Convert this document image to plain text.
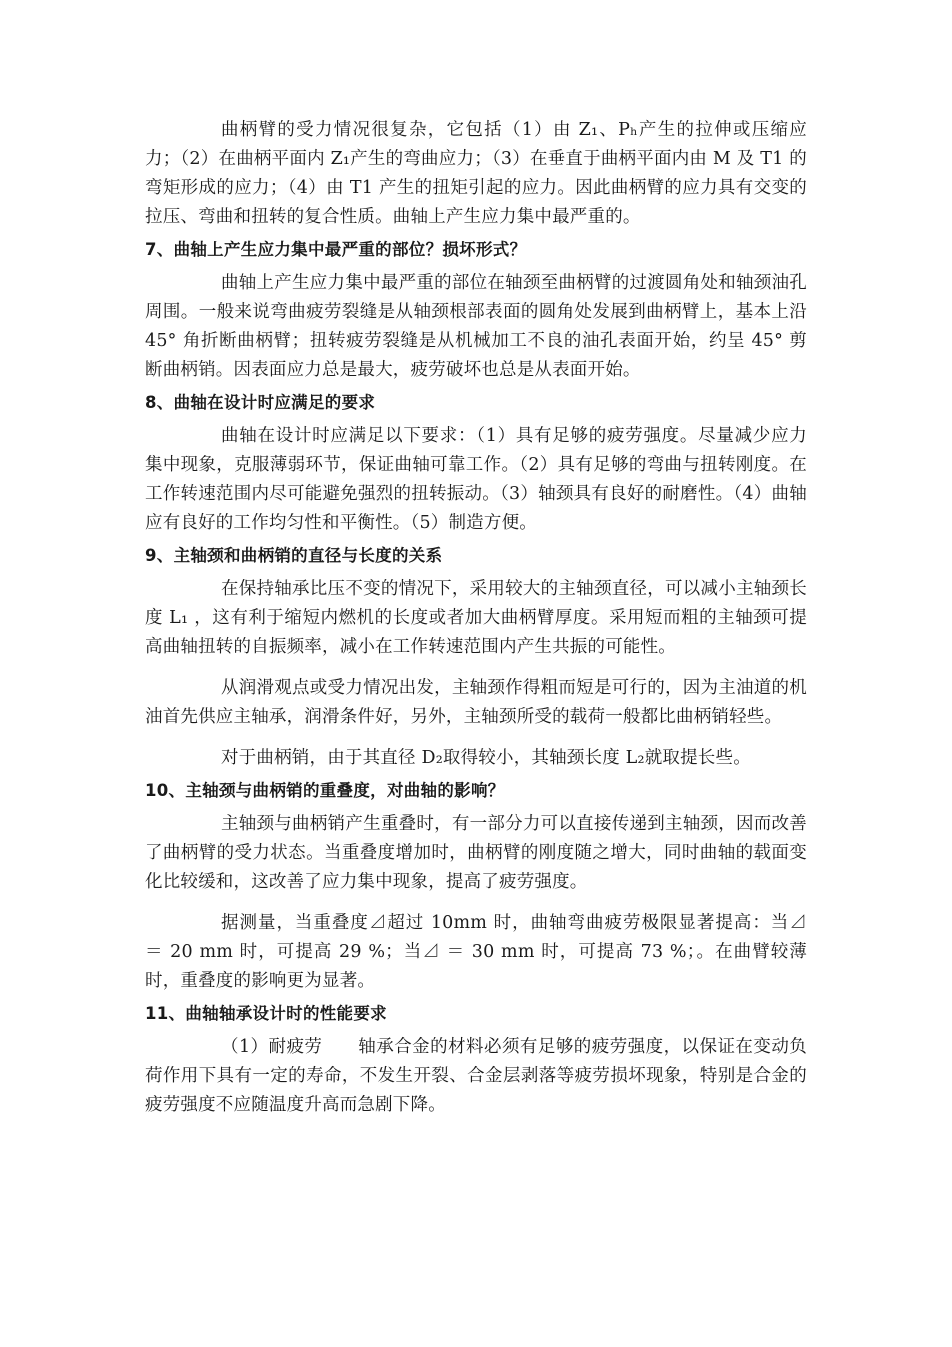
曲柄臂的受力情况很复杂，它包括（1）由 Z₁、Pₕ产生的拉伸或压缩应力；（2）在曲柄平面内 Z₁产生的弯曲应力；（3）在垂直于曲柄平面内由 M 及 T1 的弯矩形成的应力；（4）由 T1 产生的扭矩引起的应力。因此曲柄臂的应力具有交变的拉压、弯曲和扭转的复合性质。曲轴上产生应力集中最严重的。

7、曲轴上产生应力集中最严重的部位？损坏形式？

曲轴上产生应力集中最严重的部位在轴颈至曲柄臂的过渡圆角处和轴颈油孔周围。一般来说弯曲疲劳裂缝是从轴颈根部表面的圆角处发展到曲柄臂上，基本上沿 45° 角折断曲柄臂；扭转疲劳裂缝是从机械加工不良的油孔表面开始，约呈 45° 剪断曲柄销。因表面应力总是最大，疲劳破坏也总是从表面开始。

8、曲轴在设计时应满足的要求

曲轴在设计时应满足以下要求：（1）具有足够的疲劳强度。尽量减少应力集中现象，克服薄弱环节，保证曲轴可靠工作。（2）具有足够的弯曲与扭转刚度。在工作转速范围内尽可能避免强烈的扭转振动。（3）轴颈具有良好的耐磨性。（4）曲轴应有良好的工作均匀性和平衡性。（5）制造方便。

9、主轴颈和曲柄销的直径与长度的关系

在保持轴承比压不变的情况下，采用较大的主轴颈直径，可以减小主轴颈长度 L₁ ，这有利于缩短内燃机的长度或者加大曲柄臂厚度。采用短而粗的主轴颈可提高曲轴扭转的自振频率，减小在工作转速范围内产生共振的可能性。

从润滑观点或受力情况出发，主轴颈作得粗而短是可行的，因为主油道的机油首先供应主轴承，润滑条件好，另外，主轴颈所受的载荷一般都比曲柄销轻些。

对于曲柄销，由于其直径 D₂取得较小，其轴颈长度 L₂就取提长些。

10、主轴颈与曲柄销的重叠度，对曲轴的影响？

主轴颈与曲柄销产生重叠时，有一部分力可以直接传递到主轴颈，因而改善了曲柄臂的受力状态。当重叠度增加时，曲柄臂的刚度随之增大，同时曲轴的载面变化比较缓和，这改善了应力集中现象，提高了疲劳强度。

据测量，当重叠度⊿超过 10mm 时，曲轴弯曲疲劳极限显著提高：当⊿ ＝ 20 mm 时，可提高 29 %；当⊿ ＝ 30 mm 时，可提高 73 %；。在曲臂较薄时，重叠度的影响更为显著。

11、曲轴轴承设计时的性能要求

（1）耐疲劳　　轴承合金的材料必须有足够的疲劳强度，以保证在变动负荷作用下具有一定的寿命，不发生开裂、合金层剥落等疲劳损坏现象，特别是合金的疲劳强度不应随温度升高而急剧下降。
